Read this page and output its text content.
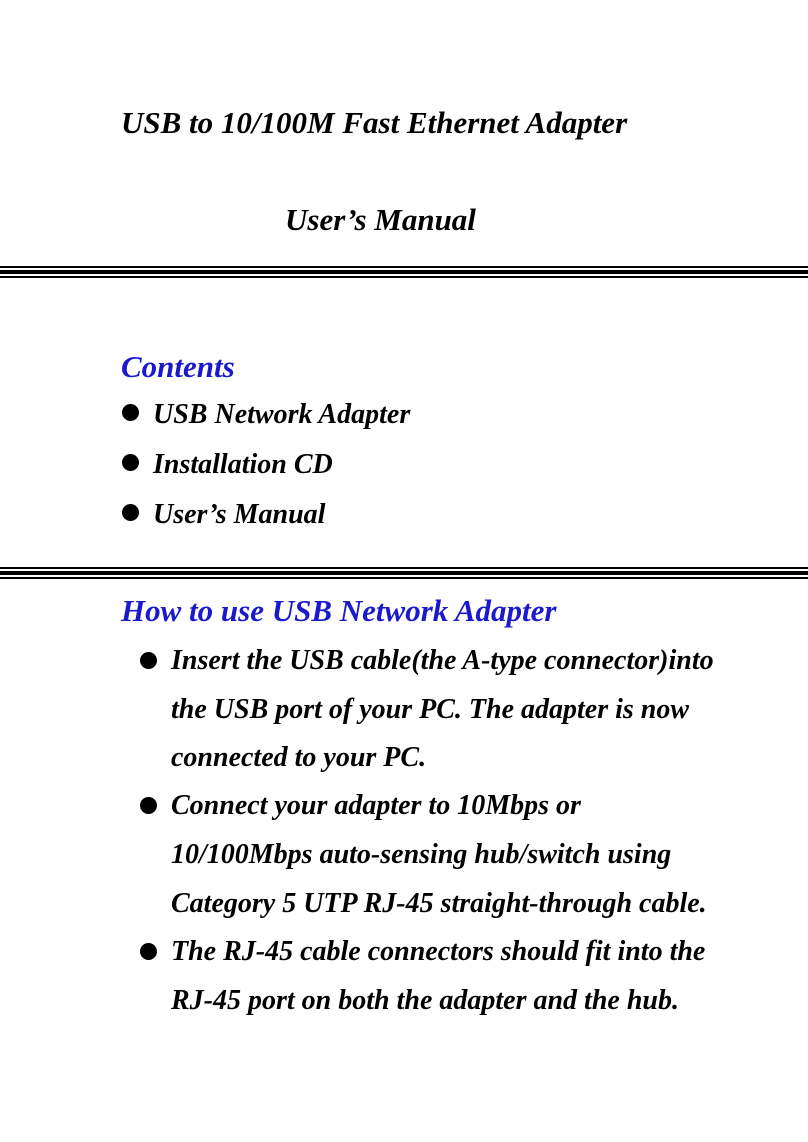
USB to 10/100M Fast Ethernet Adapter
User’s Manual
Contents
USB Network Adapter
Installation CD
User’s Manual
How to use USB Network Adapter
Insert the USB cable(the A-type connector)into
the USB port of your PC. The adapter is now
connected to your PC.
Connect your adapter to 10Mbps or
10/100Mbps auto-sensing hub/switch using
Category 5 UTP RJ-45 straight-through cable.
The RJ-45 cable connectors should fit into the
RJ-45 port on both the adapter and the hub.
